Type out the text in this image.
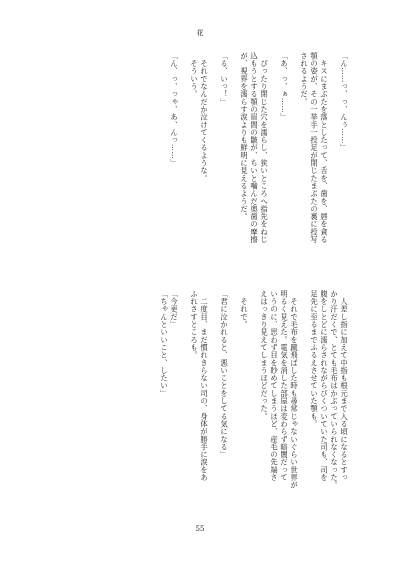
花

「ん……っ、っ、んぅ……」

　キスにまぶたを落としたって、舌を、歯を、唇を貪る

顎の姿が、その一挙手一投足が閉じたまぶたの裏に投写

されるようだ。

「あ、っ、ぁ……」

　ぴったり閉じた穴を濡らし、狭いところへ指先をねじ

込もうとする顎の眉間の皺が、ちいと噛んだ奥歯の摩擦

が、視界を濡らす涙よりも鮮明に見えるようだ。

「る、いっ！」

　それでなんだか泣けてくるような。

　そういう。

「ん、っ、っゃ、あ、んっ……」

　人差し指に加えて中指も根元まで入る頃になるとすっ

かり汗だくで、とても毛布はかぶっていられなくなった。

腹をしとどに濡らされながらびくついていた司も、司を

足先に至るまでふるえさせていた顎も。

　それで毛布を蹴飛ばした時も尋常じゃないぐらい世界が

明るく見えた。電気を消した部屋は変わらず暗闇だって

いうのに、思わず目を眇めてしまうほど、産毛の先端さ

えはっきり見えてしまうほどだった。

　それで。

「君に泣かれると、悪いことをしてる気になる」

　二度目、まだ慣れきらない司の、身体が勝手に涙をあ

ふれさすところも。

「今更だ」

「ちゃんといいこと、したい」

55
